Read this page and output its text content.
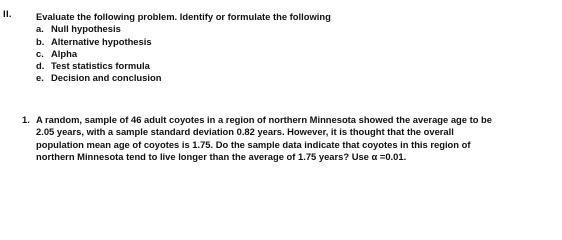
II.	Evaluate the following problem. Identify or formulate the following
a. Null hypothesis
b. Alternative hypothesis
c. Alpha
d. Test statistics formula
e. Decision and conclusion
1. A random, sample of 46 adult coyotes in a region of northern Minnesota showed the average age to be
2.05 years, with a sample standard deviation 0.82 years. However, it is thought that the overall
population mean age of coyotes is 1.75. Do the sample data indicate that coyotes in this region of
northern Minnesota tend to live longer than the average of 1.75 years? Use α =0.01.
